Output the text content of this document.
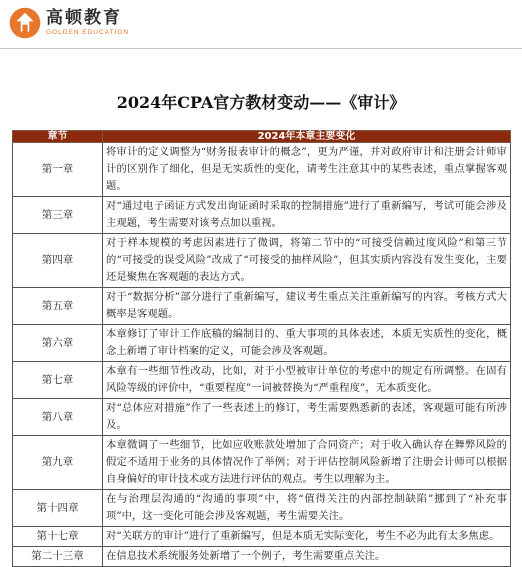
高顿教育
GOLDEN EDUCATION
2024年CPA官方教材变动——《审计》
章节	2024年本章主要变化
第一章	将审计的定义调整为“财务报表审计的概念”，更为严谨，并对政府审计和注册会计师审计的区别作了细化，但是无实质性的变化，请考生注意其中的某些表述，重点掌握客观题。
第三章	对“通过电子函证方式发出询证函时采取的控制措施”进行了重新编写，考试可能会涉及主观题，考生需要对该考点加以重视。
第四章	对于样本规模的考虑因素进行了微调，将第二节中的“可接受信赖过度风险”和第三节的“可接受的误受风险”改成了“可接受的抽样风险”，但其实质内容没有发生变化，主要还是聚焦在客观题的表达方式。
第五章	对于“数据分析”部分进行了重新编写，建议考生重点关注重新编写的内容。考核方式大概率是客观题。
第六章	本章修订了审计工作底稿的编制目的、重大事项的具体表述，本质无实质性的变化，概念上新增了审计档案的定义，可能会涉及客观题。
第七章	本章有一些细节性改动，比如，对于小型被审计单位的考虑中的规定有所调整。在固有风险等级的评价中，“重要程度”一词被替换为“严重程度”，无本质变化。
第八章	对“总体应对措施”作了一些表述上的修订，考生需要熟悉新的表述，客观题可能有所涉及。
第九章	本章微调了一些细节，比如应收账款处增加了合同资产；对于收入确认存在舞弊风险的假定不适用于业务的具体情况作了举例；对于评估控制风险新增了注册会计师可以根据自身偏好的审计技术或方法进行评估的观点。考生以理解为主。
第十四章	在与治理层沟通的“沟通的事项”中，将“值得关注的内部控制缺陷”挪到了“补充事项”中，这一变化可能会涉及客观题，考生需要关注。
第十七章	对“关联方的审计”进行了重新编写，但是本质无实际变化，考生不必为此有太多焦虑。
第二十三章	在信息技术系统服务处新增了一个例子，考生需要重点关注。
